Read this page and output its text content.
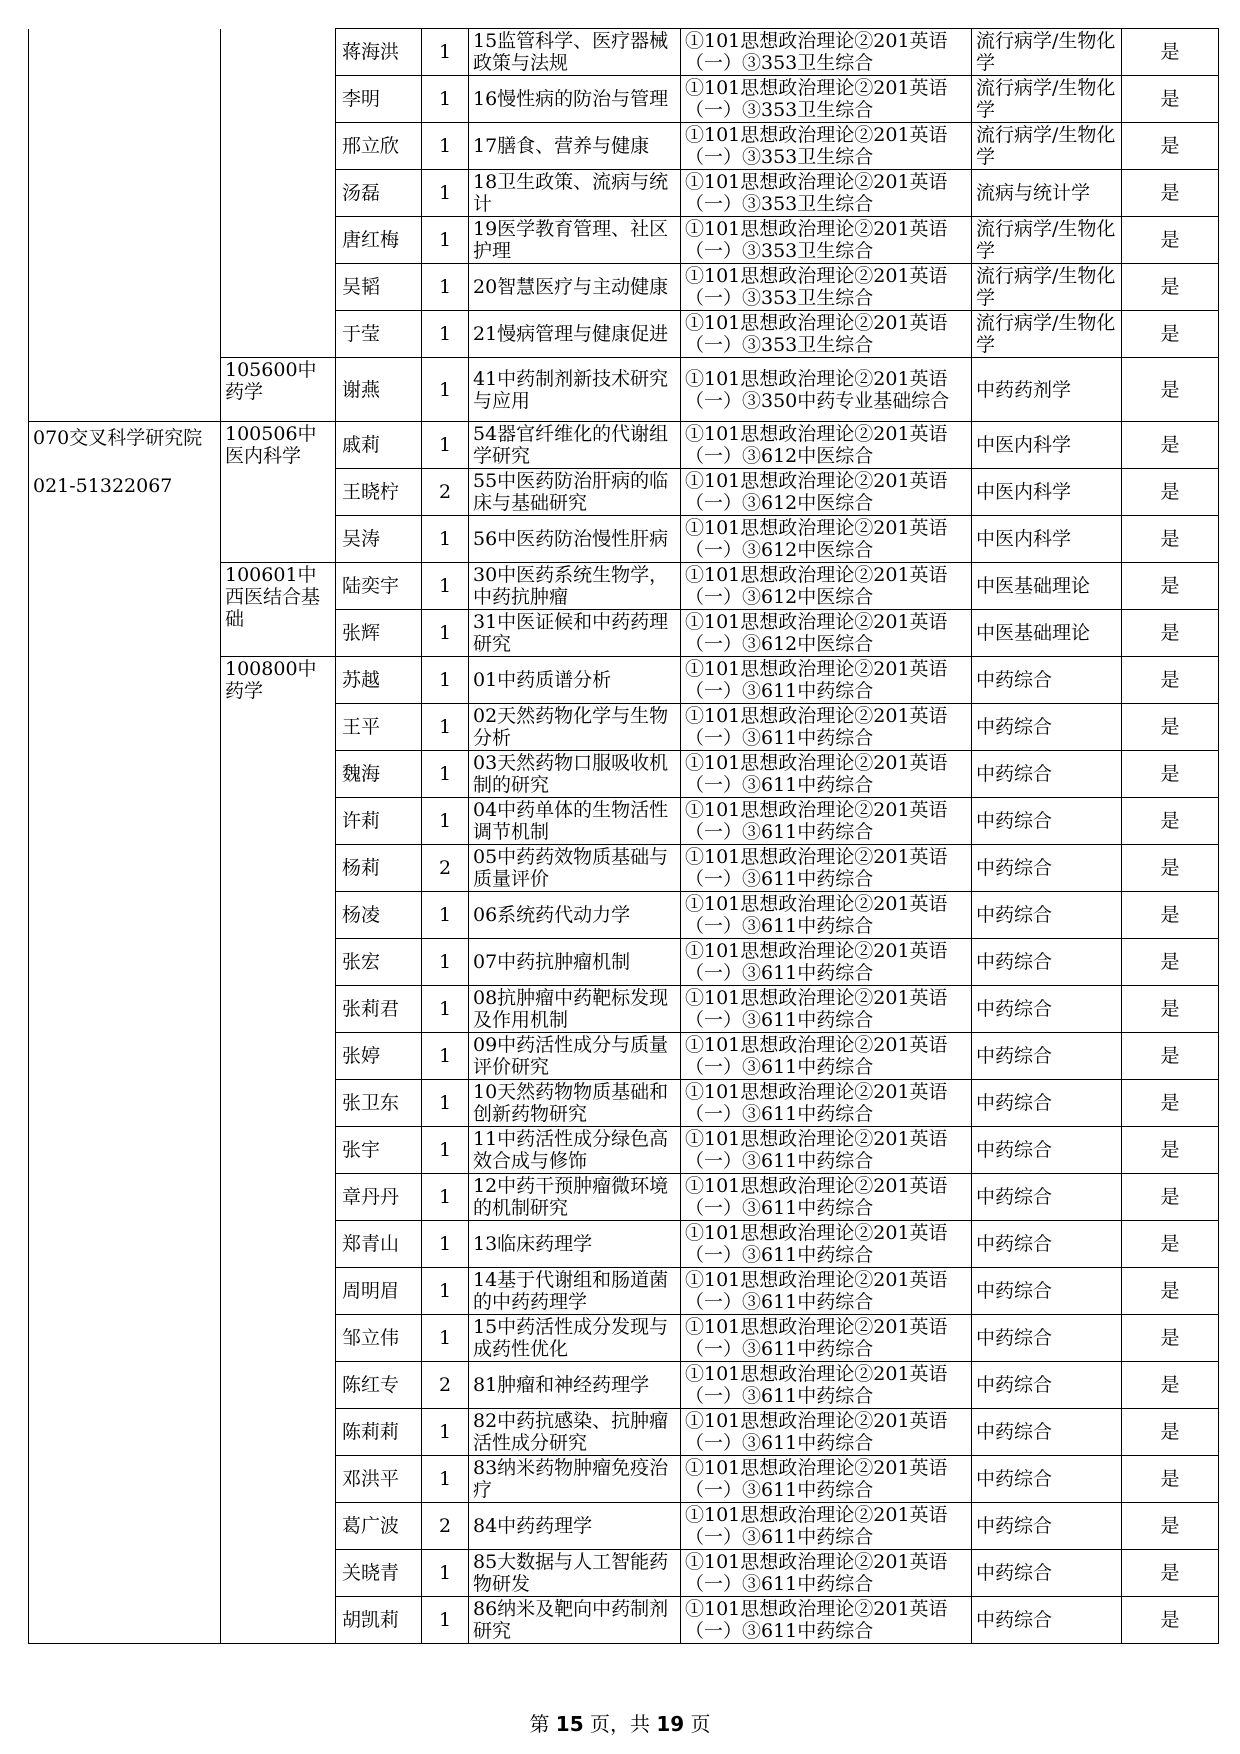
		蒋海洪	1	15监管科学、医疗器械政策与法规	①101思想政治理论②201英语（一）③353卫生综合	流行病学/生物化学	是
		李明	1	16慢性病的防治与管理	①101思想政治理论②201英语（一）③353卫生综合	流行病学/生物化学	是
		邢立欣	1	17膳食、营养与健康	①101思想政治理论②201英语（一）③353卫生综合	流行病学/生物化学	是
		汤磊	1	18卫生政策、流病与统计	①101思想政治理论②201英语（一）③353卫生综合	流病与统计学	是
		唐红梅	1	19医学教育管理、社区护理	①101思想政治理论②201英语（一）③353卫生综合	流行病学/生物化学	是
		吴韬	1	20智慧医疗与主动健康	①101思想政治理论②201英语（一）③353卫生综合	流行病学/生物化学	是
		于莹	1	21慢病管理与健康促进	①101思想政治理论②201英语（一）③353卫生综合	流行病学/生物化学	是
	105600中药学	谢燕	1	41中药制剂新技术研究与应用	①101思想政治理论②201英语（一）③350中药专业基础综合	中药药剂学	是

070交叉科学研究院
021-51322067	100506中医内科学	戚莉	1	54器官纤维化的代谢组学研究	①101思想政治理论②201英语（一）③612中医综合	中医内科学	是
		王晓柠	2	55中医药防治肝病的临床与基础研究	①101思想政治理论②201英语（一）③612中医综合	中医内科学	是
		吴涛	1	56中医药防治慢性肝病	①101思想政治理论②201英语（一）③612中医综合	中医内科学	是
	100601中西医结合基础	陆奕宇	1	30中医药系统生物学，中药抗肿瘤	①101思想政治理论②201英语（一）③612中医综合	中医基础理论	是
		张辉	1	31中医证候和中药药理研究	①101思想政治理论②201英语（一）③612中医综合	中医基础理论	是
	100800中药学	苏越	1	01中药质谱分析	①101思想政治理论②201英语（一）③611中药综合	中药综合	是
		王平	1	02天然药物化学与生物分析	①101思想政治理论②201英语（一）③611中药综合	中药综合	是
		魏海	1	03天然药物口服吸收机制的研究	①101思想政治理论②201英语（一）③611中药综合	中药综合	是
		许莉	1	04中药单体的生物活性调节机制	①101思想政治理论②201英语（一）③611中药综合	中药综合	是
		杨莉	2	05中药药效物质基础与质量评价	①101思想政治理论②201英语（一）③611中药综合	中药综合	是
		杨凌	1	06系统药代动力学	①101思想政治理论②201英语（一）③611中药综合	中药综合	是
		张宏	1	07中药抗肿瘤机制	①101思想政治理论②201英语（一）③611中药综合	中药综合	是
		张莉君	1	08抗肿瘤中药靶标发现及作用机制	①101思想政治理论②201英语（一）③611中药综合	中药综合	是
		张婷	1	09中药活性成分与质量评价研究	①101思想政治理论②201英语（一）③611中药综合	中药综合	是
		张卫东	1	10天然药物物质基础和创新药物研究	①101思想政治理论②201英语（一）③611中药综合	中药综合	是
		张宇	1	11中药活性成分绿色高效合成与修饰	①101思想政治理论②201英语（一）③611中药综合	中药综合	是
		章丹丹	1	12中药干预肿瘤微环境的机制研究	①101思想政治理论②201英语（一）③611中药综合	中药综合	是
		郑青山	1	13临床药理学	①101思想政治理论②201英语（一）③611中药综合	中药综合	是
		周明眉	1	14基于代谢组和肠道菌的中药药理学	①101思想政治理论②201英语（一）③611中药综合	中药综合	是
		邹立伟	1	15中药活性成分发现与成药性优化	①101思想政治理论②201英语（一）③611中药综合	中药综合	是
		陈红专	2	81肿瘤和神经药理学	①101思想政治理论②201英语（一）③611中药综合	中药综合	是
		陈莉莉	1	82中药抗感染、抗肿瘤活性成分研究	①101思想政治理论②201英语（一）③611中药综合	中药综合	是
		邓洪平	1	83纳米药物肿瘤免疫治疗	①101思想政治理论②201英语（一）③611中药综合	中药综合	是
		葛广波	2	84中药药理学	①101思想政治理论②201英语（一）③611中药综合	中药综合	是
		关晓青	1	85大数据与人工智能药物研发	①101思想政治理论②201英语（一）③611中药综合	中药综合	是
		胡凯莉	1	86纳米及靶向中药制剂研究	①101思想政治理论②201英语（一）③611中药综合	中药综合	是
第 15 页，共 19 页
